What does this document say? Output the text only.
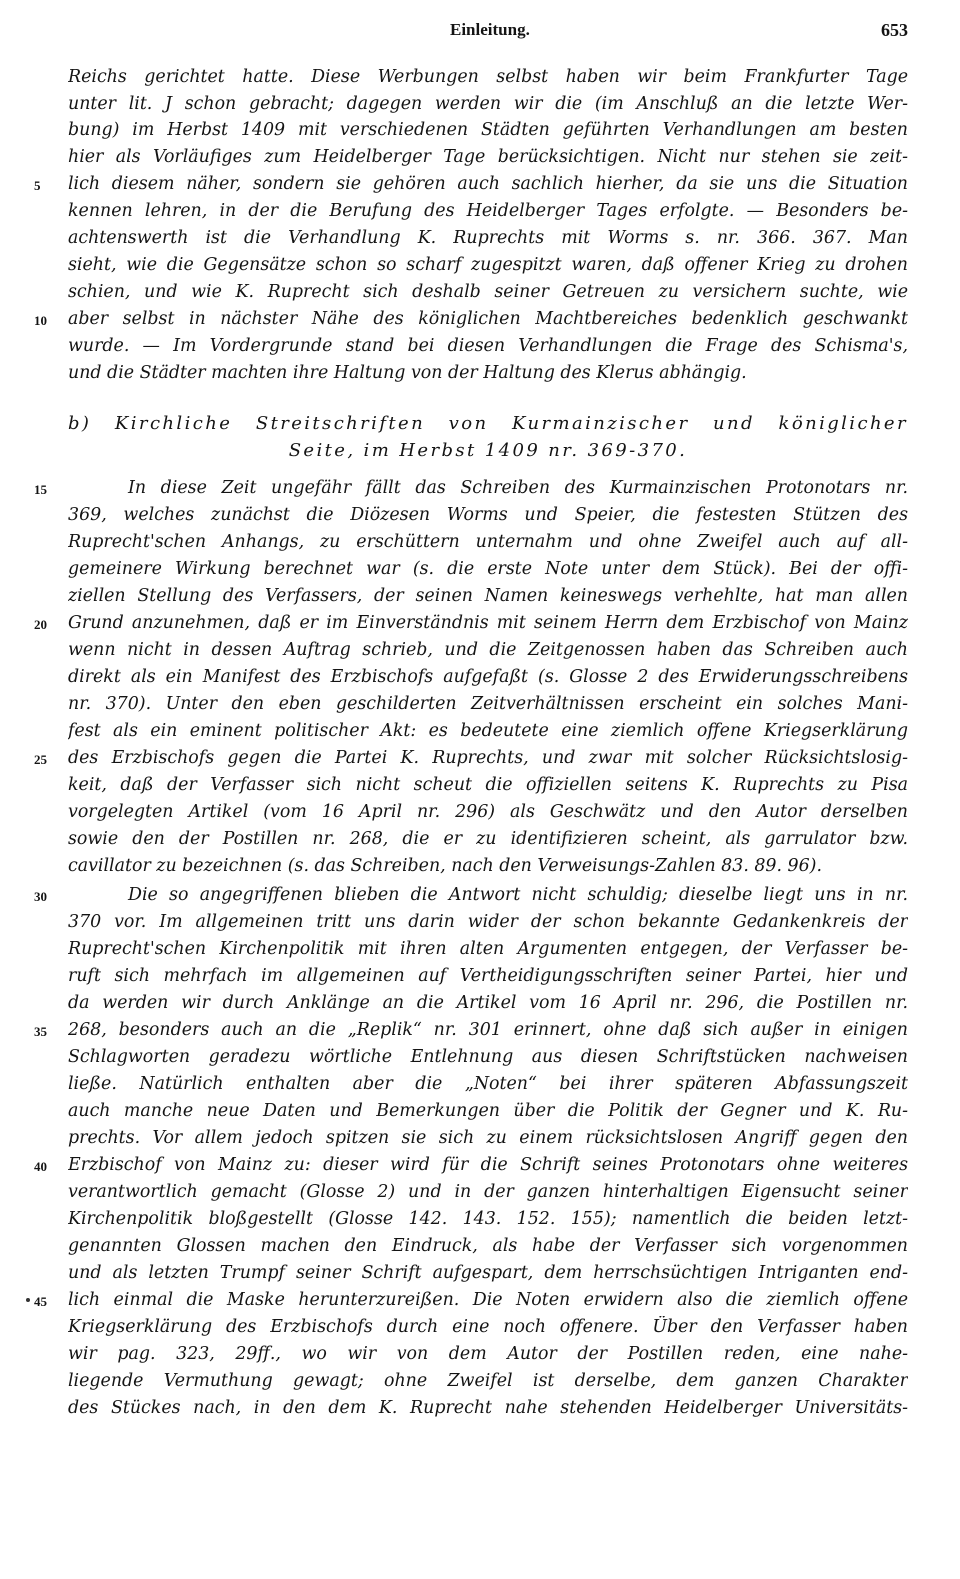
Einleitung.	653
Reichs gerichtet hatte. Diese Werbungen selbst haben wir beim Frankfurter Tage
unter lit. J schon gebracht; dagegen werden wir die (im Anschluß an die letzte Wer-
bung) im Herbst 1409 mit verschiedenen Städten geführten Verhandlungen am besten
hier als Vorläufiges zum Heidelberger Tage berücksichtigen. Nicht nur stehen sie zeit-
lich diesem näher, sondern sie gehören auch sachlich hierher, da sie uns die Situation
kennen lehren, in der die Berufung des Heidelberger Tages erfolgte. — Besonders be-
achtenswerth ist die Verhandlung K. Ruprechts mit Worms s. nr. 366. 367. Man
sieht, wie die Gegensätze schon so scharf zugespitzt waren, daß offener Krieg zu drohen
schien, und wie K. Ruprecht sich deshalb seiner Getreuen zu versichern suchte, wie
aber selbst in nächster Nähe des königlichen Machtbereiches bedenklich geschwankt
wurde. — Im Vordergrunde stand bei diesen Verhandlungen die Frage des Schisma's,
und die Städter machten ihre Haltung von der Haltung des Klerus abhängig.
b) Kirchliche Streitschriften von Kurmainzischer und königlicher
Seite, im Herbst 1409 nr. 369-370.
In diese Zeit ungefähr fällt das Schreiben des Kurmainzischen Protonotars nr.
369, welches zunächst die Diözesen Worms und Speier, die festesten Stützen des
Ruprecht'schen Anhangs, zu erschüttern unternahm und ohne Zweifel auch auf all-
gemeinere Wirkung berechnet war (s. die erste Note unter dem Stück). Bei der offi-
ziellen Stellung des Verfassers, der seinen Namen keineswegs verhehlte, hat man allen
Grund anzunehmen, daß er im Einverständnis mit seinem Herrn dem Erzbischof von Mainz
wenn nicht in dessen Auftrag schrieb, und die Zeitgenossen haben das Schreiben auch
direkt als ein Manifest des Erzbischofs aufgefaßt (s. Glosse 2 des Erwiderungsschreibens
nr. 370). Unter den eben geschilderten Zeitverhältnissen erscheint ein solches Mani-
fest als ein eminent politischer Akt: es bedeutete eine ziemlich offene Kriegserklärung
des Erzbischofs gegen die Partei K. Ruprechts, und zwar mit solcher Rücksichtslosig-
keit, daß der Verfasser sich nicht scheut die offiziellen seitens K. Ruprechts zu Pisa
vorgelegten Artikel (vom 16 April nr. 296) als Geschwätz und den Autor derselben
sowie den der Postillen nr. 268, die er zu identifizieren scheint, als garrulator bzw.
cavillator zu bezeichnen (s. das Schreiben, nach den Verweisungs-Zahlen 83. 89. 96).
Die so angegriffenen blieben die Antwort nicht schuldig; dieselbe liegt uns in nr.
370 vor. Im allgemeinen tritt uns darin wider der schon bekannte Gedankenkreis der
Ruprecht'schen Kirchenpolitik mit ihren alten Argumenten entgegen, der Verfasser be-
ruft sich mehrfach im allgemeinen auf Vertheidigungsschriften seiner Partei, hier und
da werden wir durch Anklänge an die Artikel vom 16 April nr. 296, die Postillen nr.
268, besonders auch an die „Replik“ nr. 301 erinnert, ohne daß sich außer in einigen
Schlagworten geradezu wörtliche Entlehnung aus diesen Schriftstücken nachweisen
ließe. Natürlich enthalten aber die „Noten“ bei ihrer späteren Abfassungszeit
auch manche neue Daten und Bemerkungen über die Politik der Gegner und K. Ru-
prechts. Vor allem jedoch spitzen sie sich zu einem rücksichtslosen Angriff gegen den
Erzbischof von Mainz zu: dieser wird für die Schrift seines Protonotars ohne weiteres
verantwortlich gemacht (Glosse 2) und in der ganzen hinterhaltigen Eigensucht seiner
Kirchenpolitik bloßgestellt (Glosse 142. 143. 152. 155); namentlich die beiden letzt-
genannten Glossen machen den Eindruck, als habe der Verfasser sich vorgenommen
und als letzten Trumpf seiner Schrift aufgespart, dem herrschsüchtigen Intriganten end-
lich einmal die Maske herunterzureißen. Die Noten erwidern also die ziemlich offene
Kriegserklärung des Erzbischofs durch eine noch offenere. Über den Verfasser haben
wir pag. 323, 29ff., wo wir von dem Autor der Postillen reden, eine nahe-
liegende Vermuthung gewagt; ohne Zweifel ist derselbe, dem ganzen Charakter
des Stückes nach, in den dem K. Ruprecht nahe stehenden Heidelberger Universitäts-
5
10
15
20
25
30
35
40
45
